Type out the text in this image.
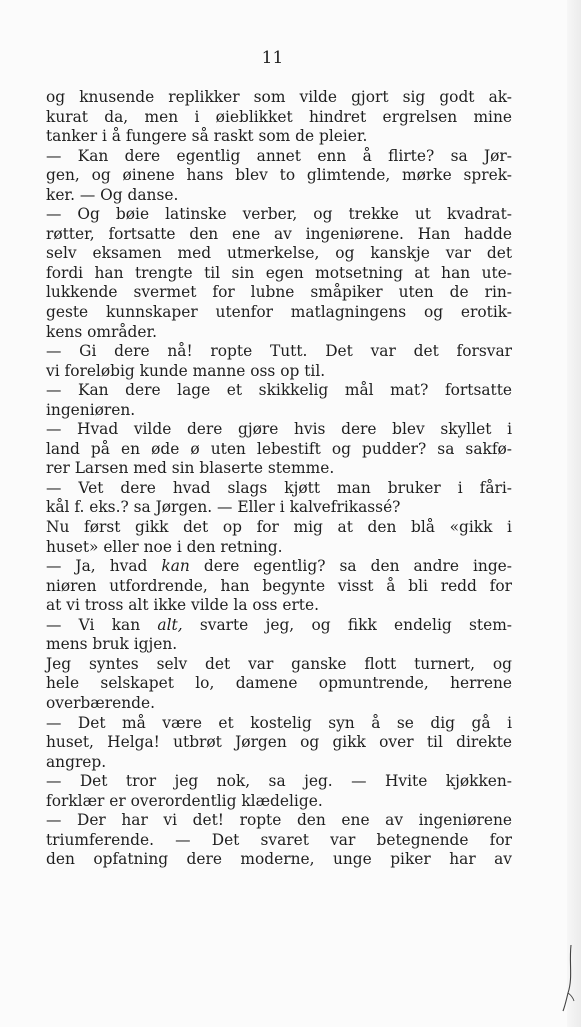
11
og knusende replikker som vilde gjort sig godt ak-
kurat da, men i øieblikket hindret ergrelsen mine
tanker i å fungere så raskt som de pleier.
— Kan dere egentlig annet enn å flirte? sa Jør-
gen, og øinene hans blev to glimtende, mørke sprek-
ker. — Og danse.
— Og bøie latinske verber, og trekke ut kvadrat-
røtter, fortsatte den ene av ingeniørene. Han hadde
selv eksamen med utmerkelse, og kanskje var det
fordi han trengte til sin egen motsetning at han ute-
lukkende svermet for lubne småpiker uten de rin-
geste kunnskaper utenfor matlagningens og erotik-
kens områder.
— Gi dere nå! ropte Tutt. Det var det forsvar
vi foreløbig kunde manne oss op til.
— Kan dere lage et skikkelig mål mat? fortsatte
ingeniøren.
— Hvad vilde dere gjøre hvis dere blev skyllet i
land på en øde ø uten lebestift og pudder? sa sakfø-
rer Larsen med sin blaserte stemme.
— Vet dere hvad slags kjøtt man bruker i fåri-
kål f. eks.? sa Jørgen. — Eller i kalvefrikassé?
Nu først gikk det op for mig at den blå «gikk i
huset» eller noe i den retning.
— Ja, hvad kan dere egentlig? sa den andre inge-
niøren utfordrende, han begynte visst å bli redd for
at vi tross alt ikke vilde la oss erte.
— Vi kan alt, svarte jeg, og fikk endelig stem-
mens bruk igjen.
Jeg syntes selv det var ganske flott turnert, og
hele selskapet lo, damene opmuntrende, herrene
overbærende.
— Det må være et kostelig syn å se dig gå i
huset, Helga! utbrøt Jørgen og gikk over til direkte
angrep.
— Det tror jeg nok, sa jeg. — Hvite kjøkken-
forklær er overordentlig klædelige.
— Der har vi det! ropte den ene av ingeniørene
triumferende. — Det svaret var betegnende for
den opfatning dere moderne, unge piker har av
